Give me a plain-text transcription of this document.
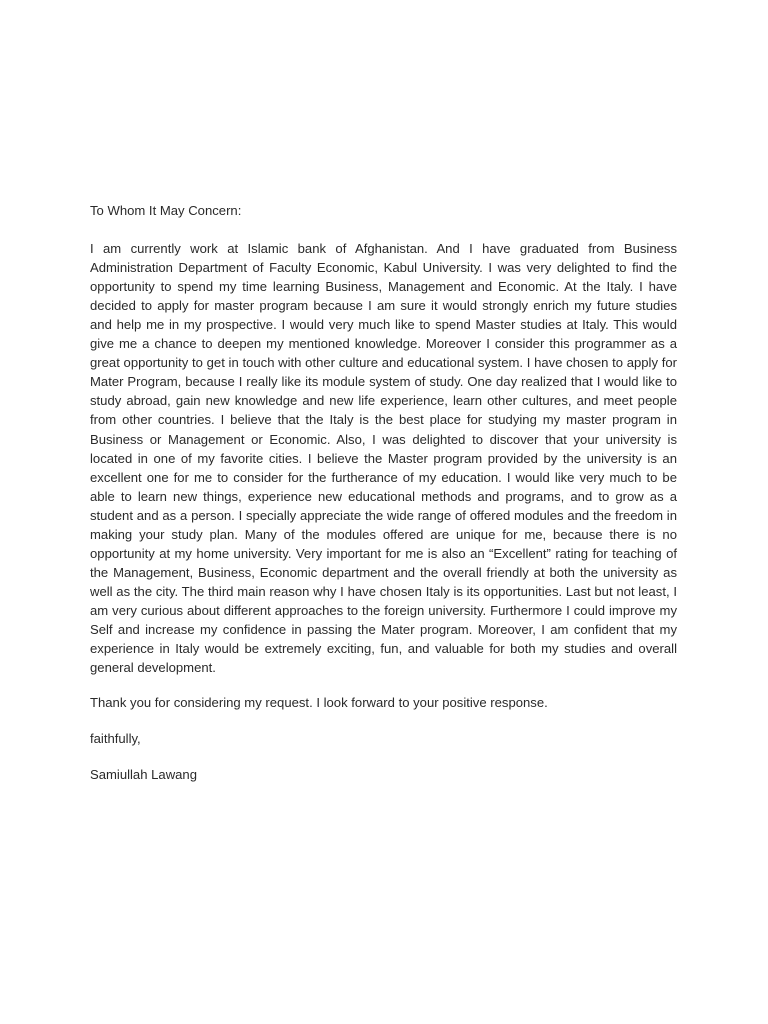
To Whom It May Concern:

I am currently work at Islamic bank of Afghanistan. And I have graduated from Business Administration Department of Faculty Economic, Kabul University. I was very delighted to find the opportunity to spend my time learning Business, Management and Economic. At the Italy. I have decided to apply for master program because I am sure it would strongly enrich my future studies and help me in my prospective. I would very much like to spend Master studies at Italy. This would give me a chance to deepen my mentioned knowledge. Moreover I consider this programmer as a great opportunity to get in touch with other culture and educational system. I have chosen to apply for Mater Program, because I really like its module system of study. One day realized that I would like to study abroad, gain new knowledge and new life experience, learn other cultures, and meet people from other countries. I believe that the Italy is the best place for studying my master program in Business or Management or Economic. Also, I was delighted to discover that your university is located in one of my favorite cities. I believe the Master program provided by the university is an excellent one for me to consider for the furtherance of my education. I would like very much to be able to learn new things, experience new educational methods and programs, and to grow as a student and as a person. I specially appreciate the wide range of offered modules and the freedom in making your study plan. Many of the modules offered are unique for me, because there is no opportunity at my home university. Very important for me is also an “Excellent” rating for teaching of the Management, Business, Economic department and the overall friendly at both the university as well as the city. The third main reason why I have chosen Italy is its opportunities. Last but not least, I am very curious about different approaches to the foreign university. Furthermore I could improve my Self and increase my confidence in passing the Mater program. Moreover, I am confident that my experience in Italy would be extremely exciting, fun, and valuable for both my studies and overall general development.

Thank you for considering my request. I look forward to your positive response.

faithfully,

Samiullah Lawang
